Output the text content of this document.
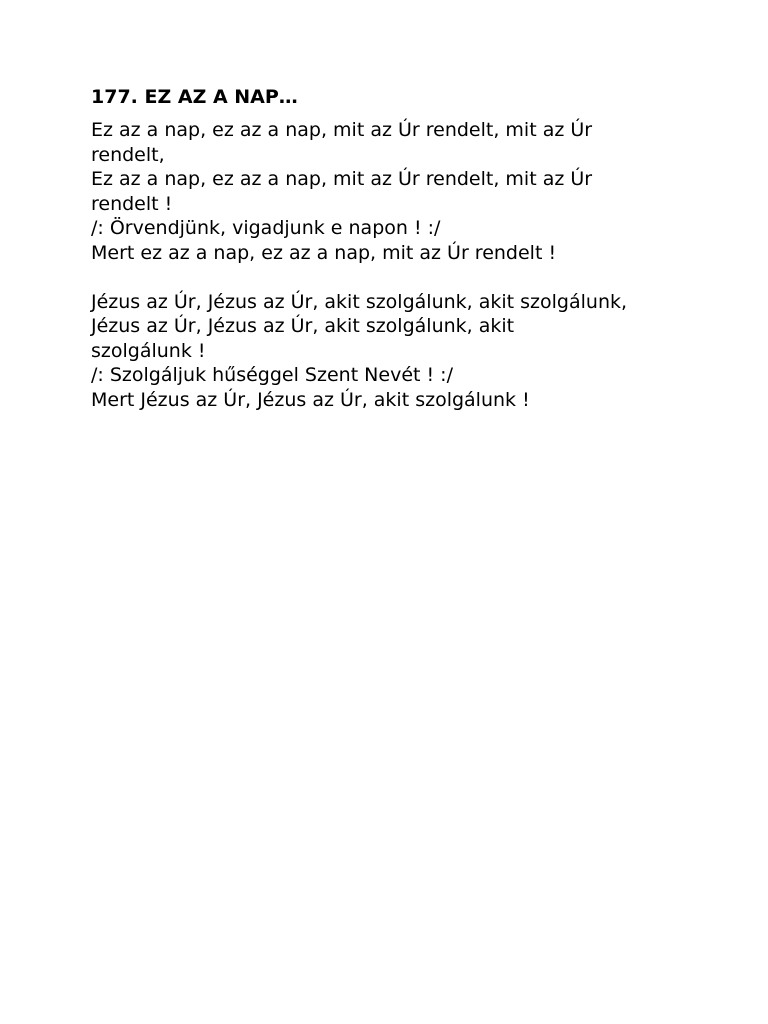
177. EZ AZ A NAP…
Ez az a nap, ez az a nap, mit az Úr rendelt, mit az Úr
rendelt,
Ez az a nap, ez az a nap, mit az Úr rendelt, mit az Úr
rendelt !
/: Örvendjünk, vigadjunk e napon ! :/
Mert ez az a nap, ez az a nap, mit az Úr rendelt !
Jézus az Úr, Jézus az Úr, akit szolgálunk, akit szolgálunk,
Jézus az Úr, Jézus az Úr, akit szolgálunk, akit
szolgálunk !
/: Szolgáljuk hűséggel Szent Nevét ! :/
Mert Jézus az Úr, Jézus az Úr, akit szolgálunk !
